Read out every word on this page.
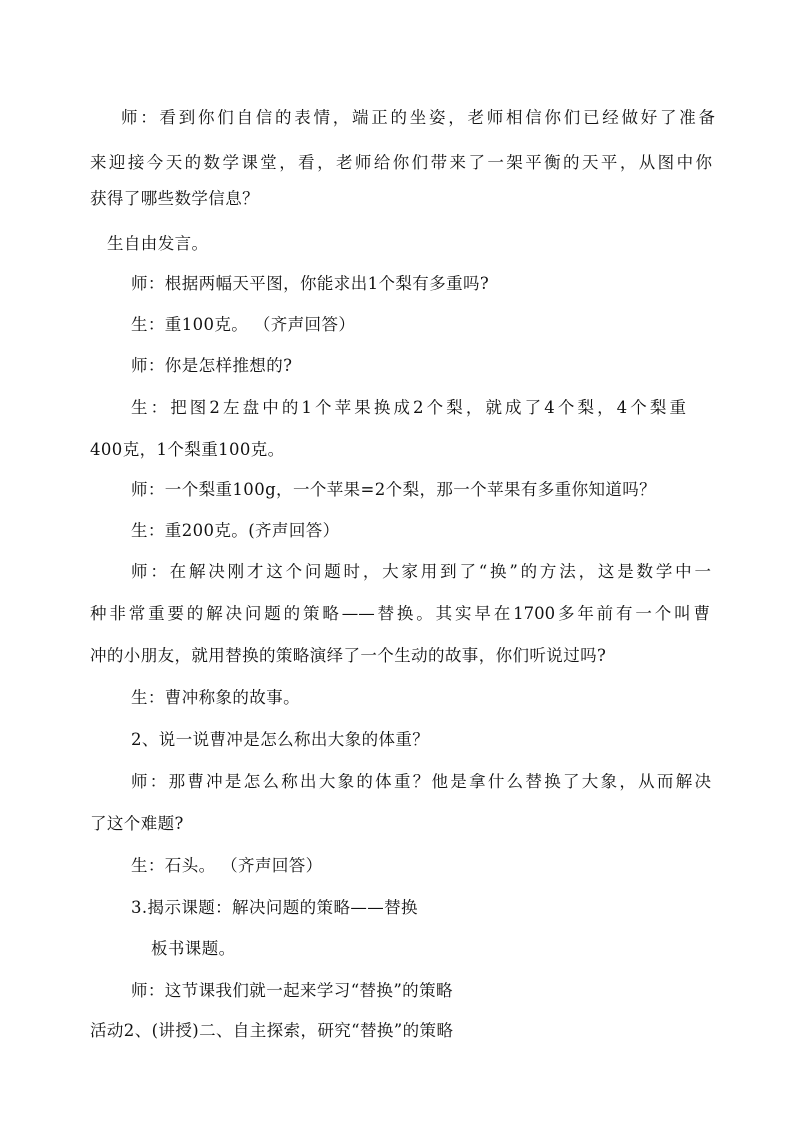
师：看到你们自信的表情，端正的坐姿，老师相信你们已经做好了准备
来迎接今天的数学课堂，看，老师给你们带来了一架平衡的天平，从图中你
获得了哪些数学信息？
生自由发言。
师：根据两幅天平图，你能求出1个梨有多重吗?
生：重100克。 （齐声回答）
师：你是怎样推想的?
生：把图2左盘中的1个苹果换成2个梨，就成了4个梨，4个梨重
400克，1个梨重100克。
师：一个梨重100g，一个苹果=2个梨，那一个苹果有多重你知道吗？
生：重200克。(齐声回答）
师：在解决刚才这个问题时，大家用到了“换”的方法，这是数学中一
种非常重要的解决问题的策略——替换。其实早在1700多年前有一个叫曹
冲的小朋友，就用替换的策略演绎了一个生动的故事，你们听说过吗?
生：曹冲称象的故事。
2、说一说曹冲是怎么称出大象的体重？
师：那曹冲是怎么称出大象的体重？他是拿什么替换了大象，从而解决
了这个难题?
生：石头。 （齐声回答）
3.揭示课题：解决问题的策略——替换
板书课题。
师：这节课我们就一起来学习“替换”的策略
活动2、(讲授)二、自主探索，研究“替换”的策略
